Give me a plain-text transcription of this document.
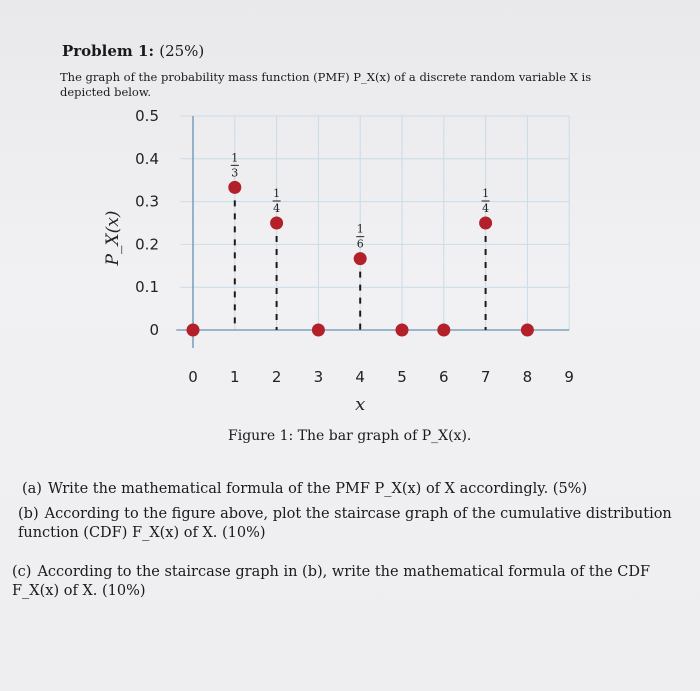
Problem 1: (25%)
The graph of the probability mass function (PMF) P_X(x) of a discrete random variable X is depicted below.
1
3
1
4
1
6
1
4
0 1 2 3 4 5 6 7 8 9
0
0.1
0.2
0.3
0.4
0.5
x
P_X(x)
Figure 1: The bar graph of P_X(x).
(a) Write the mathematical formula of the PMF P_X(x) of X accordingly. (5%)
(b) According to the figure above, plot the staircase graph of the cumulative distribution function (CDF) F_X(x) of X. (10%)
(c) According to the staircase graph in (b), write the mathematical formula of the CDF F_X(x) of X. (10%)
